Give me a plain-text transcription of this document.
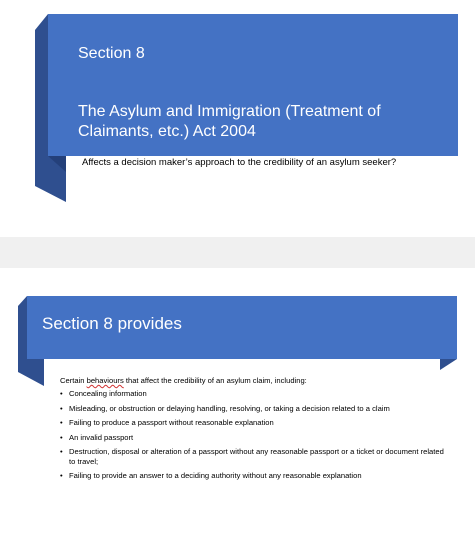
Section 8
The Asylum and Immigration (Treatment of Claimants, etc.) Act 2004
Affects a decision maker’s approach to the credibility of an asylum seeker?
Section 8 provides
Certain behaviours that affect the credibility of an asylum claim, including:
• Concealing information
• Misleading, or obstruction or delaying handling, resolving, or taking a decision related to a claim
• Failing to produce a passport without reasonable explanation
• An invalid passport
• Destruction, disposal or alteration of a passport without any reasonable passport or a ticket or document related to travel;
• Failing to provide an answer to a deciding authority without any reasonable explanation
